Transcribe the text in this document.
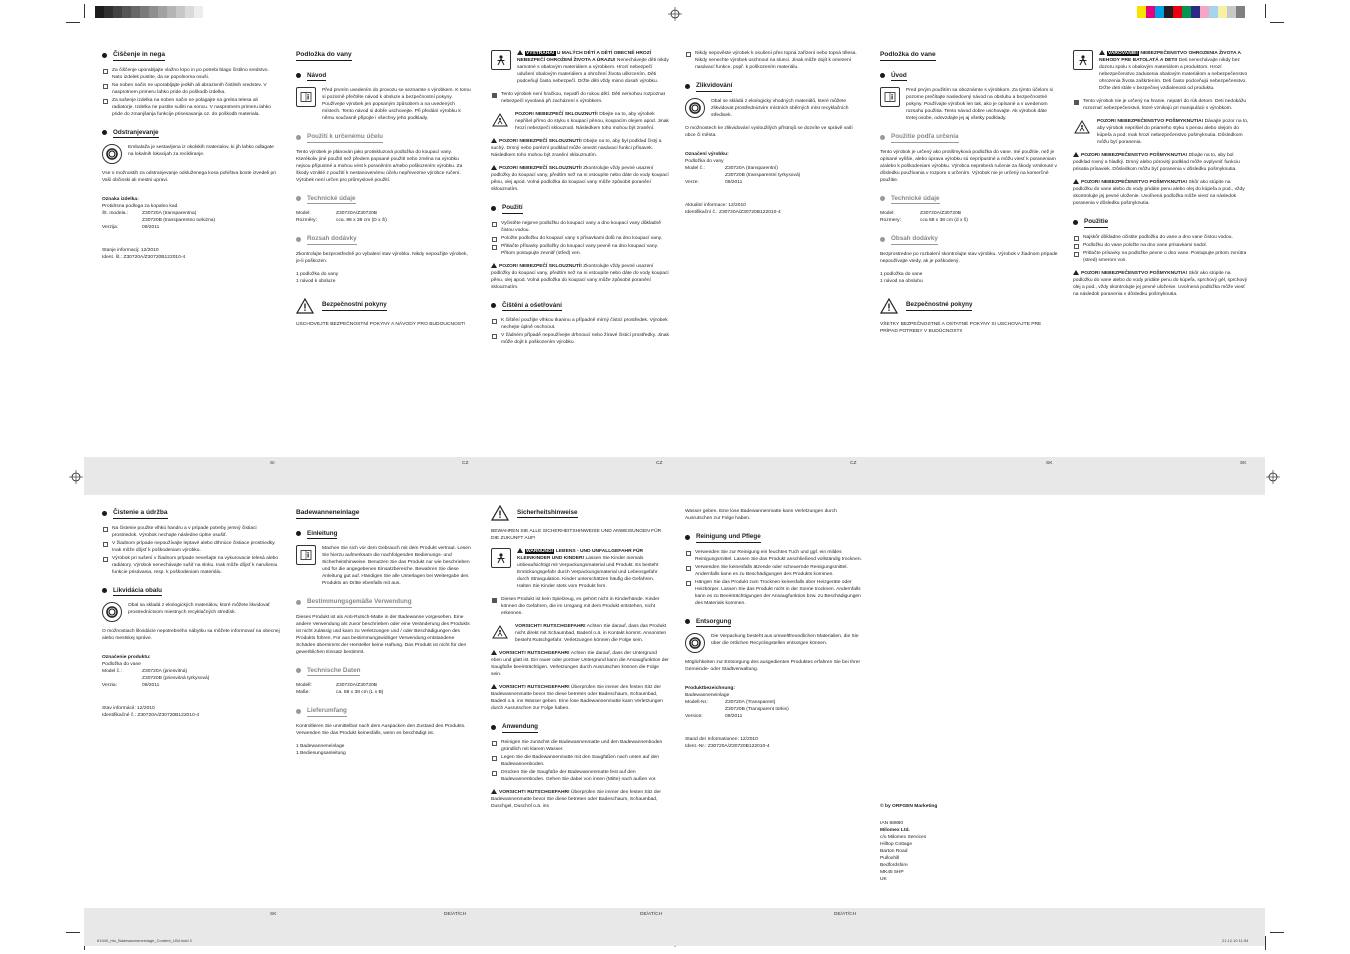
SI	CZ	CZ	CZ	SK	SK
SK	DE/AT/CH	DE/AT/CH	DE/AT/CH
61940_rito_Badewanneneinlage_Content_LB4.indd 2	21.12.10 11:54
Čiščenje in nega
Za čiščenje uporabljajte vlažno krpo in po potrebi blago čistilno sredstvo. Nato izdelek pustite, da se popolnoma osuši.
Na noben način ne uporabljajte jedkih ali abrazivnih čistilnih sredstev. V nasprotnem primeru lahko pride do poškodb izdelka.
Za sušenje izdelka na noben način ne polagajte na grelna telesa ali radiatorje. Izdelka ne pustite sušiti na soncu. V nasprotnem primeru lahko pride do zmanjšanja funkcije prisesavanja oz. do poškodb materiala.
Odstranjevanje
Embalaža je sestavljena iz okolskih materialov, ki jih lahko odlagate na lokalnih lokacijah za recikliranje.

Vse o možnostih za odstranjevanje odsluženega kosa pohištva boste izvedeli pri Vaši občinski ali mestni upravi.

Oznaka izdelka:

Protidrsna podloga za kopalno kad

Št. modela.:	Z30720A (transparentna)
Z30720B (transparentno turkizna)
Verzija:	09/2011

Stanje informacij: 12/2010

Ident. št.: Z30720A/Z30720B122010-4

Podložka do vany
Návod
Před prvním uvedením do provozu se seznamte s výrobkem. K tomu si pozorně přečtěte návod k obsluze a bezpečnostní pokyny. Používejte výrobek jen popsaným způsobem a na uvedených místech. Tento návod si dobře uschovejte. Při předání výrobku k němu současně připojte i všechny jeho podklady.
Použití k určenému účelu

Tento výrobek je plánován jako protiskluzová podložka do koupací vany. Kterékoliv jiné použití než předem popsané použití nebo změna na výrobku nejsou přípustné a mohou vést k poraněním a/nebo poškozením výrobku. Za škody vzniklé z použití k nestanovenému účelu nepřevezme výrobce ručení. Výrobek není určen pro průmyslové použití.

Technické údaje
Model:	Z30720A/Z30720B
Rozměry:	cca. 88 x 38 cm (D x Š)
Rozsah dodávky

Zkontrolujte bezprostředně po vybalení stav výrobku. Nikdy nepoužijte výrobek, je-li poškozen.

1 podložka do vany

1 návod k obsluze

Bezpečnostní pokyny

USCHOVEJTE BEZPEČNOSTNÍ POKYNY A NÁVODY PRO BUDOUCNOST!

VÝSTRAHA! U MALÝCH DĚTÍ A DĚTÍ OBECNĚ HROZÍ NEBEZPEČÍ OHROŽENÍ ŽIVOTA A ÚRAZU! Nenechávejte děti nikdy samotné s obalovým materiálem a výrobkem. Hrozí nebezpečí udušení obalovým materiálem a ohrožení života uškrcením. Děti podceňují často nebezpečí. Držte děti vždy mimo dosah výrobku.
Tento výrobek není hračkou, nepatří do rukou dětí. Děti nemohou rozpoznat nebezpečí vyvolaná při zacházení s výrobkem.
POZOR! NEBEZPEČÍ SKLOUZNUTÍ! Dbejte na to, aby výrobek nepřišel přímo do styku s koupací pěnou, koupacím olejem apod. Jinak hrozí nebezpečí sklouznutí. Následkem toho mohou být zranění.

POZOR! NEBEZPEČÍ SKLOUZNUTÍ! Dbejte na to, aby byl podklad čistý a suchý. Drsný nebo porézní podklad může omezit nasávací funkci přísavek. Následkem toho mohou být zranění sklouznutím.

POZOR! NEBEZPEČÍ SKLOUZNUTÍ! Zkontrolujte vždy pevné usazení podložky do koupací vany, předtím než na ni vstoupíte nebo dáte do vody koupací pěnu, olej apod. Volná podložka do koupací vany může způsobit poranění sklouznutím.

Použití
Vyčistěte nejprve podložku do koupací vany a dno koupací vany důkladně čistou vodou.
Položte podložku do koupací vany s přísavkami dolů na dno koupací vany.
Přitlačte přísavky podložky do koupací vany pevně na dno koupací vany. Přitom postupujte zevnitř (střed) ven.

POZOR! NEBEZPEČÍ SKLOUZNUTÍ! Zkontrolujte vždy pevné usazení podložky do koupací vany, předtím než na ni vstoupíte nebo dáte do vody koupací pěnu, olej apod. Volná podložka do koupací vany může způsobit poranění sklouznutím.

Čištění a ošetřování
K čištění použijte vlhkou tkaninu a případně mírný čisticí prostředek. Výrobek nechejte úplně oschnout.
V žádném případě nepoužívejte drhnoucí nebo žíravé čisticí prostředky. Jinak může dojít k poškozením výrobku.
Nikdy nepověste výrobek k osušení přes topná zařízení nebo topná tělesa. Nikdy nenechte výrobek uschnout na slunci. Jinak může dojít k omezení nasávací funkce, popř. k poškozením materiálu.
Zlikvidování
Obal se skládá z ekologicky vhodných materiálů, které můžete zlikvidovat prostřednictvím místních sběrných míst recyklačních středisek.

O možnostech ke zlikvidování vysloužilých přístrojů se dozvíte ve správě vaší obce či města.

Označení výrobku:

Podložka do vany

Model č.:	Z30720A (transparentní)
Z30720B (transparentní tyrkysová)
Verze:	09/2011

Aktuální informace: 12/2010

Identifikační č.: Z30720A/Z30720B122010-4

Podložka do vane
Úvod
Pred prvým použitím sa oboznámte s výrobkom. Za týmto účelom si pozorne prečítajte nasledovný návod na obsluhu a bezpečnostné pokyny. Používajte výrobok len tak, ako je opísané a v uvedenom rozsahu použitia. Tento návod dobre uschovajte. Ak výrobok dáte tretej osobe, odovzdajte jej aj všetky podklady.
Použitie podľa určenia

Tento výrobok je určený ako protišmyková podložka do vane. Iné použitie, než je opísané vyššie, alebo úprava výrobku sú neprípustné a môžu viesť k poraneniam a/alebo k poškodeniam výrobku. Výrobca nepreberá ručenie za škody vzniknuté v dôsledku používania v rozpore s určením. Výrobok nie je určený na komerčné použitie.

Technické údaje
Model:	Z30720A/Z30720B
Rozmery:	cca 88 x 38 cm (d x š)
Obsah dodávky

Bezprostredne po rozbalení skontrolujte stav výrobku. Výrobok v žiadnom prípade nepoužívajte vtedy, ak je poškodený.

1 podložka do vane

1 návod na obsluhu

Bezpečnostné pokyny

VŠETKY BEZPEČNOSTNÉ A OSTATNÉ POKYNY SI USCHOVAJTE PRE PRÍPAD POTREBY V BUDÚCNOSTI!

VAROVANIE! NEBEZPEČENSTVO OHROZENIA ŽIVOTA A NEHODY PRE BATOLATÁ A DETI! Deti nenechávajte nikdy bez dozoru spolu s obalovým materiálom a produktom. Hrozí nebezpečenstvo zadusenia obalovým materiálom a nebezpečenstvo ohrozenia života zaškrtením. Deti často podceňujú nebezpečenstvo. Držte deti stále v bezpečnej vzdialenosti od produktu.
Tento výrobok nie je určený na hranie, nepatrí do rúk detom. Deti nedokážu rozoznať nebezpečenstvá, ktoré vznikajú pri manipulácii s výrobkom.
POZOR! NEBEZPEČENSTVO POŠMYKNUTIA! Dávajte pozor na to, aby výrobok neprišiel do priameho styku s penou alebo olejom do kúpeľa a pod. Inak hrozí nebezpečenstvo pošmyknutia. Dôsledkom môžu byť poranenia.

POZOR! NEBEZPEČENSTVO POŠMYKNUTIA! Dbajte na to, aby bol podklad rovný a hladký. Drsný alebo pórovitý podklad môže ovplyvniť funkciu prisatia prísaviek. Dôsledkom môžu byť poranenia v dôsledku pošmyknutia.

POZOR! NEBEZPEČENSTVO POŠMYKNUTIA! Skôr ako stúpite na podložku do vane alebo do vody pridáte penu alebo olej do kúpeľa a pod., vždy skontrolujte jej pevné uloženie. Uvoľnená podložka môže viesť na následok poranenia v dôsledku pošmyknutia.

Použitie
Najskôr dôkladne očistite podložku do vane a dno vane čistou vodou.
Podložku do vane položte na dno vane prísavkami nadol.
Pritlačte prísavky na podložke pevne o dno vane. Postupujte pritom zvnútra (stred) smerom von.

POZOR! NEBEZPEČENSTVO POŠMYKNUTIA! Skôr ako stúpite na podložku do vane alebo do vody pridáte penu do kúpeľa, sprchový gél, sprchový olej a pod., vždy skontrolujte jej pevné uloženie. Uvoľnená podložka môže viesť na následok poranenia v dôsledku pošmyknutia.

Čistenie a údržba
Na čistenie použite vlhkú handru a v prípade potreby jemný čistiaci prostriedok. Výrobok nechajte následne úplne osušiť.
V žiadnom prípade nepoužívajte leptavé alebo drhnúce čistiace prostriedky. Inak môže dôjsť k poškodeniam výrobku.
Výrobok pri sušení v žiadnom prípade nevešajte na vykurovacie telesá alebo radiátory. Výrobok nenechávajte sušiť na slnku. Inak môže dôjsť k narušeniu funkcie prisávania, resp. k poškodeniam materiálu.
Likvidácia obalu
Obal sa skladá z ekologických materiálov, ktoré môžete likvidovať prostredníctvom miestnych recyklačných stredísk.

O možnostiach likvidácie nepotrebného nábytku sa môžete informovať na obecnej alebo mestskej správe.

Označenie produktu:

Podložka do vane

Model č.:	Z30720A (priesvitná)
Z30720B (priesvitná tyrkysová)
Verzia:	09/2011

Stav informácií: 12/2010

Identifikačné č.: Z30720A/Z30720B122010-4

Badewanneneinlage
Einleitung
Machen Sie sich vor dem Gebrauch mit dem Produkt vertraut. Lesen Sie hierzu aufmerksam die nachfolgenden Bedienungs- und Sicherheitshinweise. Benutzen Sie das Produkt nur wie beschrieben und für die angegebenen Einsatzbereiche. Bewahren Sie diese Anleitung gut auf. Händigen Sie alle Unterlagen bei Weitergabe des Produkts an Dritte ebenfalls mit aus.
Bestimmungsgemäße Verwendung

Dieses Produkt ist als Anti-Rutsch-Matte in der Badewanne vorgesehen. Eine andere Verwendung als zuvor beschrieben oder eine Veränderung des Produkts ist nicht zulässig und kann zu Verletzungen und / oder Beschädigungen des Produkts führen. Für aus bestimmungswidriger Verwendung entstandene Schäden übernimmt der Hersteller keine Haftung. Das Produkt ist nicht für den gewerblichen Einsatz bestimmt.

Technische Daten
Modell:	Z30720A/Z30720B
Maße:	ca. 88 x 38 cm (L x B)
Lieferumfang

Kontrollieren Sie unmittelbar nach dem Auspacken den Zustand des Produkts. Verwenden Sie das Produkt keinesfalls, wenn es beschädigt ist.

1 Badewanneneinlage

1 Bedienungsanleitung

Sicherheitshinweise

BEWAHREN SIE ALLE SICHERHEITSHINWEISE UND ANWEISUNGEN FÜR DIE ZUKUNFT AUF!

WARNUNG! LEBENS - UND UNFALLGEFAHR FÜR KLEINKINDER UND KINDER! Lassen Sie Kinder niemals unbeaufsichtigt mit Verpackungsmaterial und Produkt. Es besteht Erstickungsgefahr durch Verpackungsmaterial und Lebensgefahr durch Strangulation. Kinder unterschätzen häufig die Gefahren. Halten Sie Kinder stets vom Produkt fern.
Dieses Produkt ist kein Spielzeug, es gehört nicht in Kinderhände. Kinder können die Gefahren, die im Umgang mit dem Produkt entstehen, nicht erkennen.
VORSICHT! RUTSCHGEFAHR! Achten Sie darauf, dass das Produkt nicht direkt mit Schaumbad, Badeöl o.ä. in Kontakt kommt. Ansonsten besteht Rutschgefahr. Verletzungen können die Folge sein.

VORSICHT! RUTSCHGEFAHR! Achten Sie darauf, dass der Untergrund eben und glatt ist. Ein rauer oder poröser Untergrund kann die Ansaugfunktion der Saugfüße beeinträchtigen. Verletzungen durch Ausrutschen können die Folge sein.

VORSICHT! RUTSCHGEFAHR! Überprüfen Sie immer den festen Sitz der Badewannenmatte bevor Sie diese betreten oder Badeschaum, Schaumbad, Badeöl o.ä. ins Wasser geben. Eine lose Badewannenmatte kann Verletzungen durch Ausrutschen zur Folge haben.

Anwendung
Reinigen Sie zunächst die Badewannenmatte und den Badewannenboden gründlich mit klarem Wasser.
Legen Sie die Badewannenmatte mit den Saugfüßen nach unten auf den Badewannenboden.
Drücken Sie die Saugfüße der Badewannenmatte fest auf den Badewannenboden. Gehen Sie dabei von innen (Mitte) nach außen vor.

VORSICHT! RUTSCHGEFAHR! Überprüfen Sie immer den festen Sitz der Badewannenmatte bevor Sie diese betreten oder Badeschaum, Schaumbad, Duschgel, Duschöl o.ä. ins

Wasser geben. Eine lose Badewannenmatte kann Verletzungen durch Ausrutschen zur Folge haben.

Reinigung und Pflege
Verwenden Sie zur Reinigung ein feuchtes Tuch und ggf. ein mildes Reinigungsmittel. Lassen Sie das Produkt anschließend vollständig trocknen.
Verwenden Sie keinesfalls ätzende oder scheuernde Reinigungsmittel. Andernfalls kann es zu Beschädigungen des Produkts kommen.
Hängen Sie das Produkt zum Trocknen keinesfalls über Heizgeräte oder Heizkörper. Lassen Sie das Produkt nicht in der Sonne trocknen. Andernfalls kann es zu Beeinträchtigungen der Ansaugfunktion bzw. zu Beschädigungen des Materials kommen.
Entsorgung
Die Verpackung besteht aus umweltfreundlichen Materialien, die Sie über die örtlichen Recyclingstellen entsorgen können.

Möglichkeiten zur Entsorgung des ausgedienten Produktes erfahren Sie bei Ihrer Gemeinde- oder Stadtverwaltung.

Produktbezeichnung:

Badewanneneinlage

Modell-Nr.:	Z30720A (Transparent)
Z30720B (Transparent türkis)
Version:	09/2011

Stand der Informationen: 12/2010

Ident.-Nr.: Z30720A/Z30720B122010-4

© by ORFGEN Marketing

IAN 68860

Milomex Ltd.

c/o Milomex Services

Hilltop Cottage

Barton Road

Pulloxhill

Bedfordshire

MK45 5HP

UK
